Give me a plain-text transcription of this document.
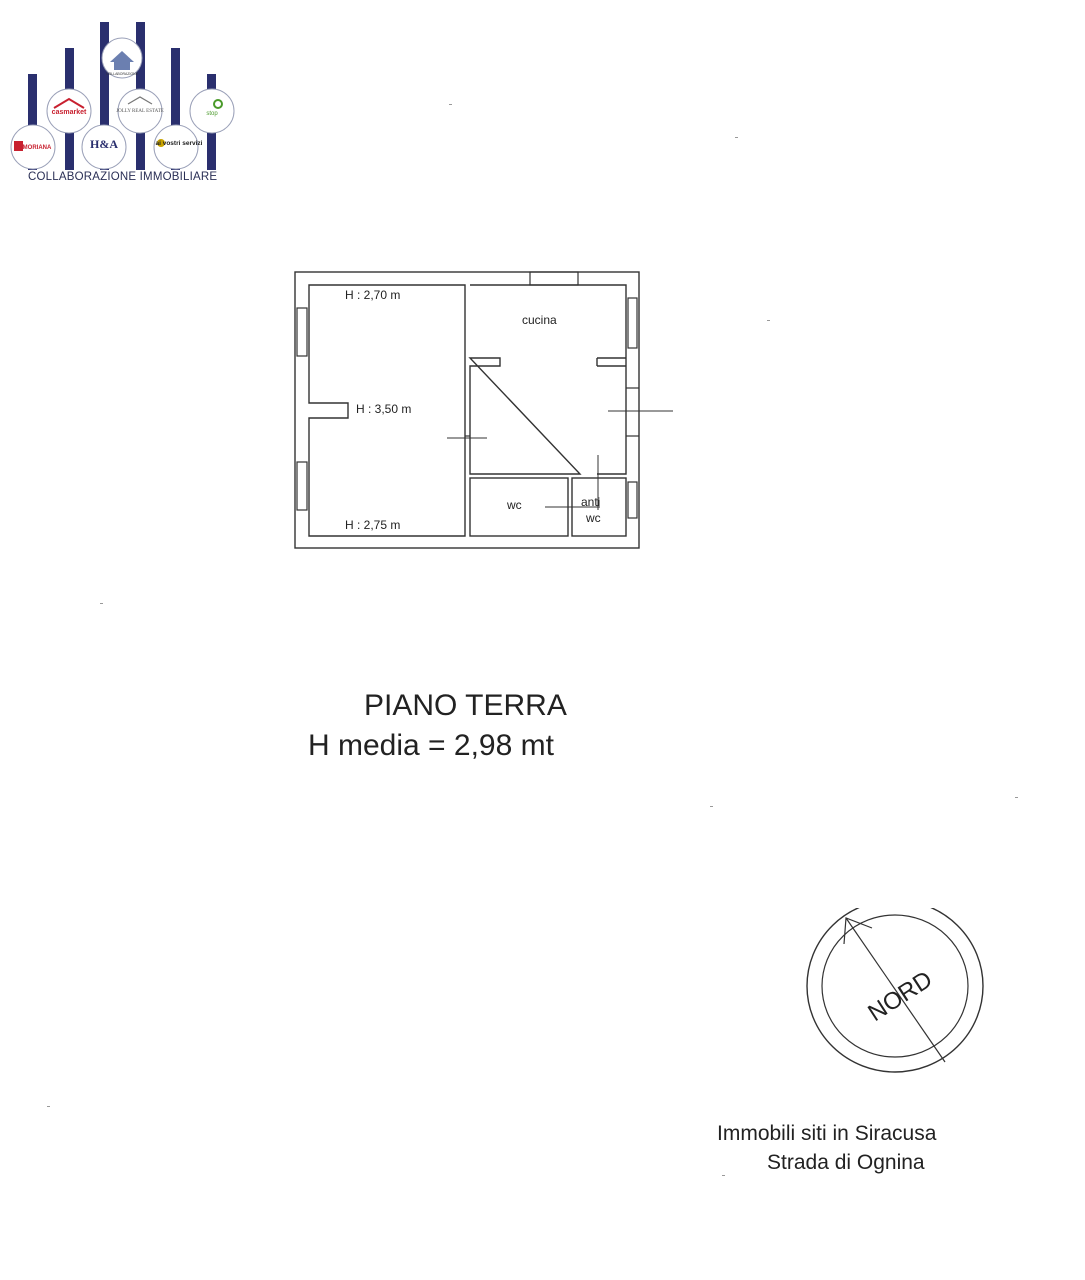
COLLABORAZIONE
casmarket	JOLLY REAL ESTATE	stop
MORIANA	H&A	ai vostri servizi
COLLABORAZIONE IMMOBILIARE
H : 2,70 m
H : 3,50 m
H : 2,75 m
cucina
wc	anti
wc
PIANO TERRA
H media = 2,98 mt
NORD
Immobili siti in Siracusa
Strada di Ognina
